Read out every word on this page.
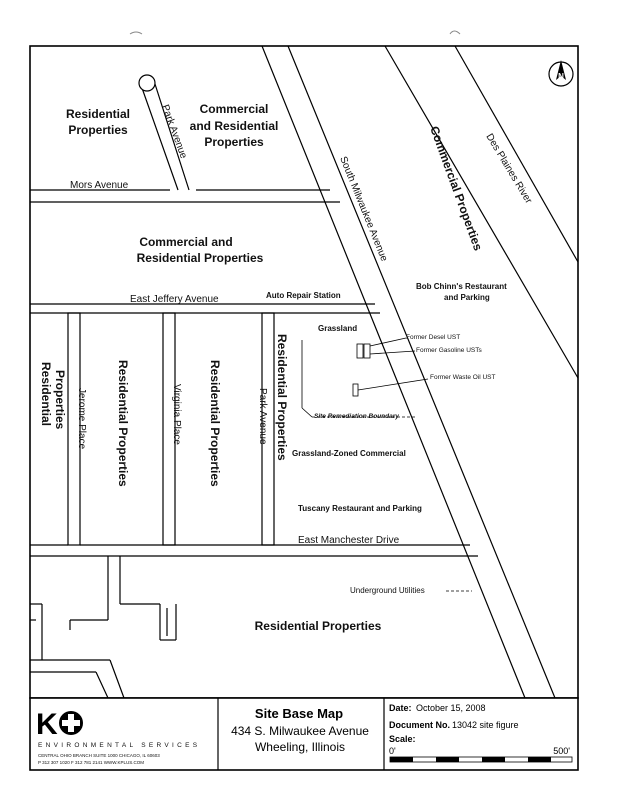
Residential
Properties
Commercial
and Residential
Properties
Commercial and
Residential Properties
Commercial Properties
Residential Properties	Residential Properties	Residential Properties	Residential Properties
Residential Properties
Park Avenue
Mors Avenue	South Milwaukee Avenue	Des Plaines River
East Jeffery Avenue
Jerome Place	Virginia Place	Park Avenue
East Manchester Drive
Bob Chinn's Restaurant
and Parking
Auto Repair Station
Grassland
Former Desel UST
Former Gasoline USTs
Former Waste Oil UST
Site Remediation Boundary
Grassland-Zoned Commercial
Tuscany Restaurant and Parking
Underground Utilities
N
K
ENVIRONMENTAL SERVICES
CENTRAL OHIO BRANCH SUITE 1000 CHICAGO, IL 60603
P 312 307 1020 F 312 781 2141 WWW.KPLUS.COM
Site Base Map
434 S. Milwaukee Avenue
Wheeling, Illinois
Date: October 15, 2008
Document No. 13042 site figure
Scale:
0'	500'
